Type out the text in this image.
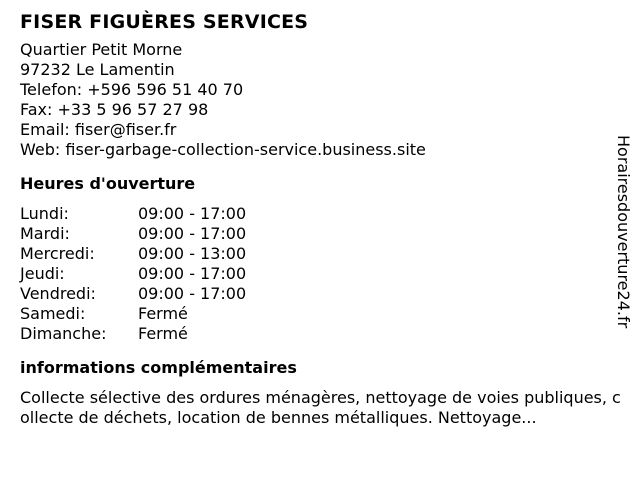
FISER FIGUÈRES SERVICES
Quartier Petit Morne
97232 Le Lamentin
Telefon: +596 596 51 40 70
Fax: +33 5 96 57 27 98
Email: fiser@fiser.fr
Web: fiser-garbage-collection-service.business.site
Heures d'ouverture
Lundi:	09:00 - 17:00
Mardi:	09:00 - 17:00
Mercredi:	09:00 - 13:00
Jeudi:	09:00 - 17:00
Vendredi:	09:00 - 17:00
Samedi:	Fermé
Dimanche:	Fermé
informations complémentaires
Collecte sélective des ordures ménagères, nettoyage de voies publiques, collecte de déchets, location de bennes métalliques. Nettoyage...
Horairesdouverture24.fr
